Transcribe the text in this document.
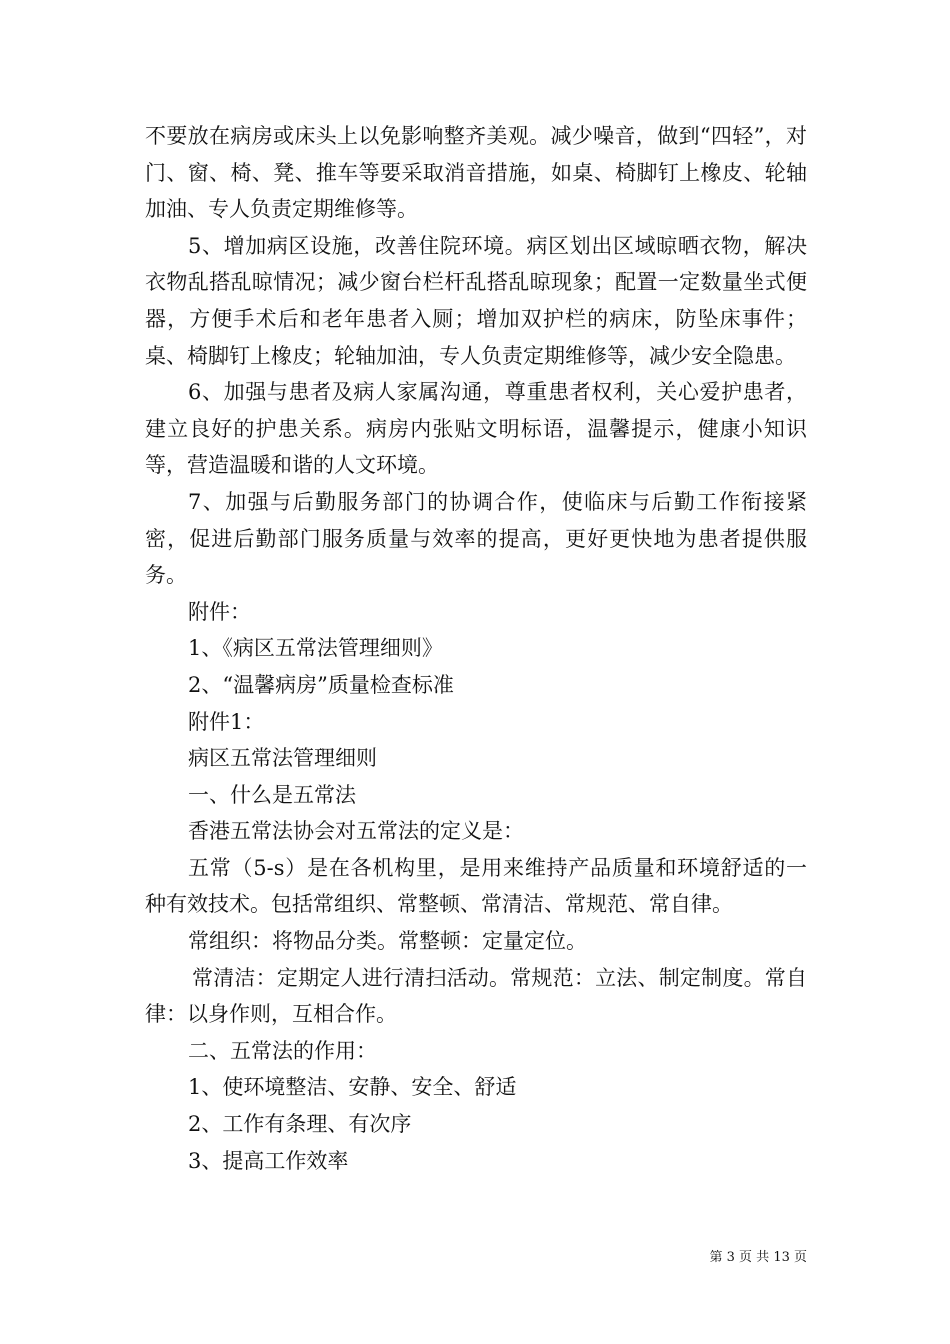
不要放在病房或床头上以免影响整齐美观。减少噪音，做到“四轻”，对门、窗、椅、凳、推车等要采取消音措施，如桌、椅脚钉上橡皮、轮轴加油、专人负责定期维修等。

5、增加病区设施，改善住院环境。病区划出区域晾晒衣物，解决衣物乱搭乱晾情况；减少窗台栏杆乱搭乱晾现象；配置一定数量坐式便器，方便手术后和老年患者入厕；增加双护栏的病床，防坠床事件；桌、椅脚钉上橡皮；轮轴加油，专人负责定期维修等，减少安全隐患。

6、加强与患者及病人家属沟通，尊重患者权利，关心爱护患者，建立良好的护患关系。病房内张贴文明标语，温馨提示，健康小知识等，营造温暖和谐的人文环境。

7、加强与后勤服务部门的协调合作，使临床与后勤工作衔接紧密，促进后勤部门服务质量与效率的提高，更好更快地为患者提供服务。

附件：

1、《病区五常法管理细则》

2、“温馨病房”质量检查标准

附件1：

病区五常法管理细则

一、什么是五常法

香港五常法协会对五常法的定义是：

五常（5-s）是在各机构里，是用来维持产品质量和环境舒适的一种有效技术。包括常组织、常整顿、常清洁、常规范、常自律。

常组织：将物品分类。常整顿：定量定位。

常清洁：定期定人进行清扫活动。常规范：立法、制定制度。常自律：以身作则，互相合作。

二、五常法的作用：

1、使环境整洁、安静、安全、舒适

2、工作有条理、有次序

3、提高工作效率

第 3 页 共 13 页
